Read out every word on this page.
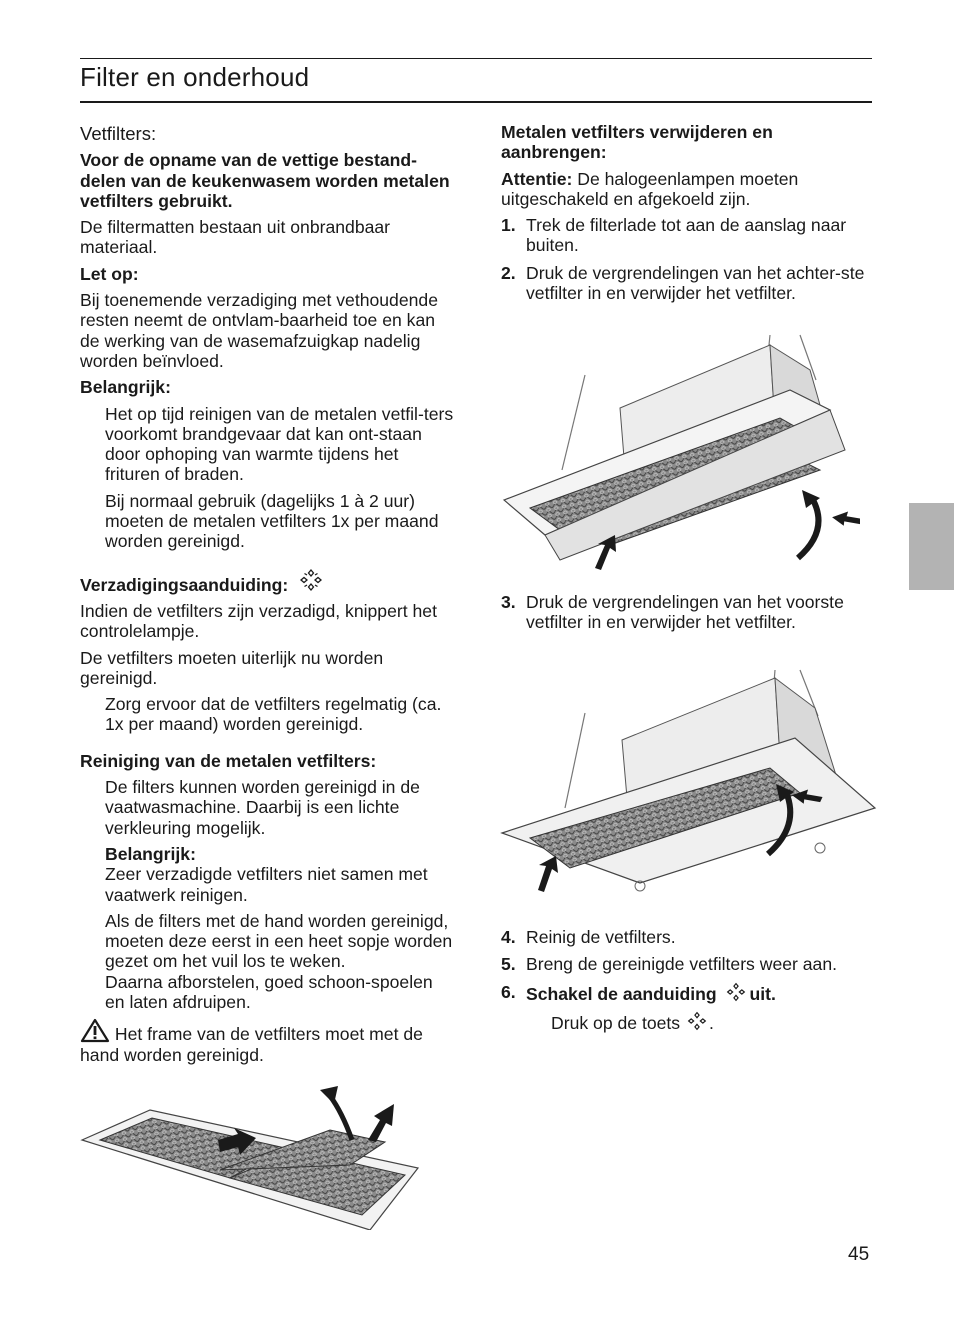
Filter en onderhoud

Vetfilters:

Voor de opname van de vettige bestand-delen van de keukenwasem worden metalen vetfilters gebruikt.

De filtermatten bestaan uit onbrandbaar materiaal.

Let op:

Bij toenemende verzadiging met vethoudende resten neemt de ontvlam-baarheid toe en kan de werking van de wasemafzuigkap nadelig worden beïnvloed.

Belangrijk:

Het op tijd reinigen van de metalen vetfil-ters voorkomt brandgevaar dat kan ont-staan door ophoping van warmte tijdens het frituren of braden.

Bij normaal gebruik (dagelijks 1 à 2 uur) moeten de metalen vetfilters 1x per maand worden gereinigd.

Verzadigingsaanduiding:

Indien de vetfilters zijn verzadigd, knippert het controlelampje.

De vetfilters moeten uiterlijk nu worden gereinigd.

Zorg ervoor dat de vetfilters regelmatig (ca. 1x per maand) worden gereinigd.

Reiniging van de metalen vetfilters:

De filters kunnen worden gereinigd in de vaatwasmachine. Daarbij is een lichte verkleuring mogelijk.

Belangrijk:

Zeer verzadigde vetfilters niet samen met vaatwerk reinigen.

Als de filters met de hand worden gereinigd, moeten deze eerst in een heet sopje worden gezet om het vuil los te weken.

Daarna afborstelen, goed schoon-spoelen en laten afdruipen.

Het frame van de vetfilters moet met de hand worden gereinigd.

Metalen vetfilters verwijderen en aanbrengen:

Attentie: De halogeenlampen moeten uitgeschakeld en afgekoeld zijn.

1. Trek de filterlade tot aan de aanslag naar buiten.
2. Druk de vergrendelingen van het achter-ste vetfilter in en verwijder het vetfilter.
3. Druk de vergrendelingen van het voorste vetfilter in en verwijder het vetfilter.
4. Reinig de vetfilters.
5. Breng de gereinigde vetfilters weer aan.
6. Schakel de aanduiding uit.

Druk op de toets .

45
